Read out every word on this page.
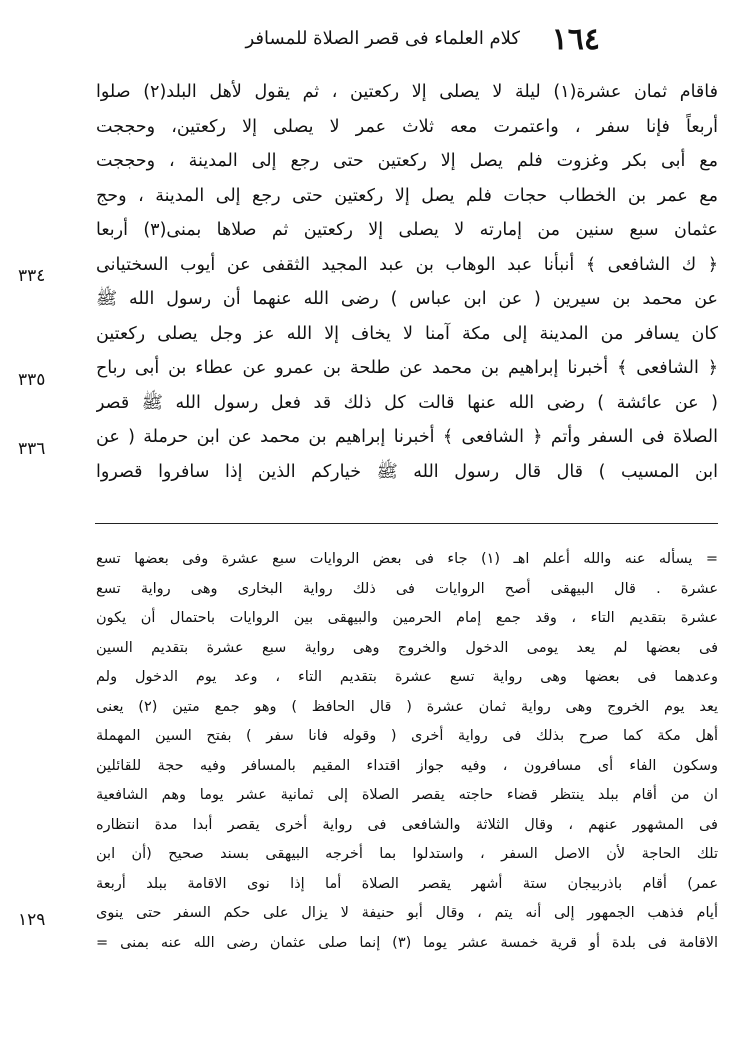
١٦٤
كلام العلماء فى قصر الصلاة للمسافر
فاقام ثمان عشرة(١) ليلة لا يصلى إلا ركعتين ، ثم يقول لأهل البلد(٢) صلوا
أربعاً فإنا سفر ، واعتمرت معه ثلاث عمر لا يصلى إلا ركعتين، وحججت
مع أبى بكر وغزوت فلم يصل إلا ركعتين حتى رجع إلى المدينة ، وحججت
مع عمر بن الخطاب حجات فلم يصل إلا ركعتين حتى رجع إلى المدينة ، وحج
عثمان سبع سنين من إمارته لا يصلى إلا ركعتين ثم صلاها بمنى(٣) أربعا
﴿ ك الشافعى ﴾ أنبأنا عبد الوهاب بن عبد المجيد الثقفى عن أيوب السختيانى
عن محمد بن سيرين ( عن ابن عباس ) رضى الله عنهما أن رسول الله ﷺ
كان يسافر من المدينة إلى مكة آمنا لا يخاف إلا الله عز وجل يصلى ركعتين
﴿ الشافعى ﴾ أخبرنا إبراهيم بن محمد عن طلحة بن عمرو عن عطاء بن أبى رباح
( عن عائشة ) رضى الله عنها قالت كل ذلك قد فعل رسول الله ﷺ قصر
الصلاة فى السفر وأتم ﴿ الشافعى ﴾ أخبرنا إبراهيم بن محمد عن ابن حرملة ( عن
ابن المسيب ) قال قال رسول الله ﷺ خياركم الذين إذا سافروا قصروا
٣٣٤
٣٣٥
٣٣٦
= يسأله عنه والله أعلم اهـ (١) جاء فى بعض الروايات سبع عشرة وفى بعضها تسع
عشرة . قال البيهقى أصح الروايات فى ذلك رواية البخارى وهى رواية تسع
عشرة بتقديم التاء ، وقد جمع إمام الحرمين والبيهقى بين الروايات باحتمال أن يكون
فى بعضها لم يعد يومى الدخول والخروج وهى رواية سبع عشرة بتقديم السين
وعدهما فى بعضها وهى رواية تسع عشرة بتقديم التاء ، وعد يوم الدخول ولم
يعد يوم الخروج وهى رواية ثمان عشرة ( قال الحافظ ) وهو جمع متين (٢) يعنى
أهل مكة كما صرح بذلك فى رواية أخرى ( وقوله فانا سفر ) بفتح السين المهملة
وسكون الفاء أى مسافرون ، وفيه جواز اقتداء المقيم بالمسافر وفيه حجة للقائلين
ان من أقام ببلد ينتظر قضاء حاجته يقصر الصلاة إلى ثمانية عشر يوما وهم الشافعية
فى المشهور عنهم ، وقال الثلاثة والشافعى فى رواية أخرى يقصر أبدا مدة انتظاره
تلك الحاجة لأن الاصل السفر ، واستدلوا بما أخرجه البيهقى بسند صحيح (أن ابن
عمر) أقام باذربيجان ستة أشهر يقصر الصلاة أما إذا نوى الاقامة ببلد أربعة
أيام فذهب الجمهور إلى أنه يتم ، وقال أبو حنيفة لا يزال على حكم السفر حتى ينوى
الاقامة فى بلدة أو قرية خمسة عشر يوما (٣) إنما صلى عثمان رضى الله عنه بمنى =
١٢٩
